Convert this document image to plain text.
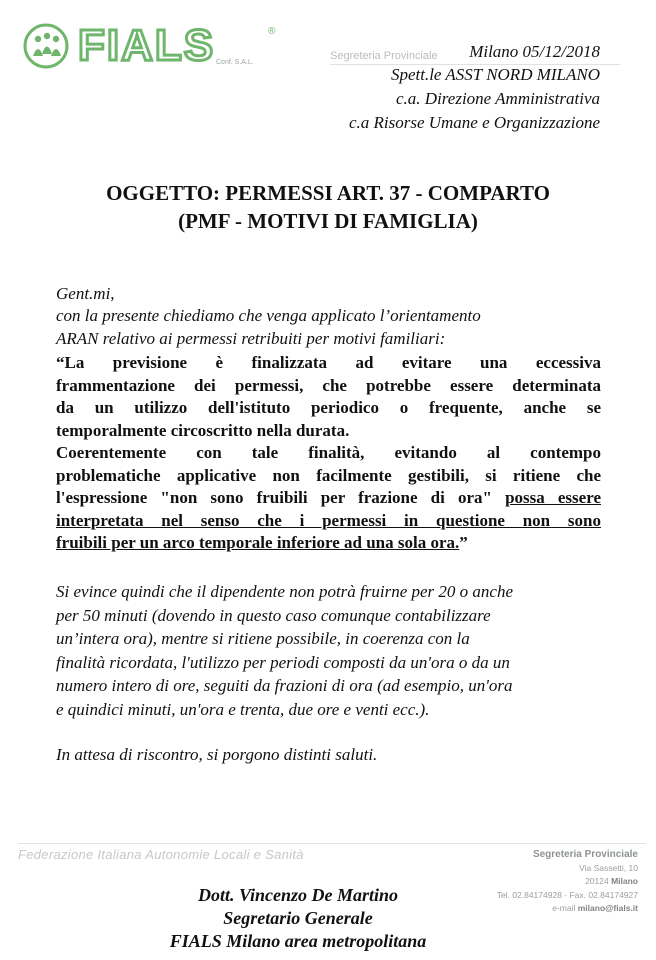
FIALS	®
Conf. S.A.L.
Segreteria Provinciale Milano 05/12/2018
Spett.le ASST NORD MILANO
c.a. Direzione Amministrativa
c.a Risorse Umane e Organizzazione
OGGETTO: PERMESSI ART. 37 - COMPARTO
(PMF - MOTIVI DI FAMIGLIA)
Gent.mi,
con la presente chiediamo che venga applicato l’orientamento
ARAN relativo ai permessi retribuiti per motivi familiari:
“La previsione è finalizzata ad evitare una eccessiva
frammentazione dei permessi, che potrebbe essere determinata
da un utilizzo dell'istituto periodico o frequente, anche se
temporalmente circoscritto nella durata.
Coerentemente con tale finalità, evitando al contempo
problematiche applicative non facilmente gestibili, si ritiene che
l'espressione "non sono fruibili per frazione di ora" possa essere
interpretata nel senso che i permessi in questione non sono
fruibili per un arco temporale inferiore ad una sola ora.”
Si evince quindi che il dipendente non potrà fruirne per 20 o anche
per 50 minuti (dovendo in questo caso comunque contabilizzare
un’intera ora), mentre si ritiene possibile, in coerenza con la
finalità ricordata, l'utilizzo per periodi composti da un'ora o da un
numero intero di ore, seguiti da frazioni di ora (ad esempio, un'ora
e quindici minuti, un'ora e trenta, due ore e venti ecc.).
In attesa di riscontro, si porgono distinti saluti.
Federazione Italiana Autonomie Locali e Sanità	Segreteria Provinciale
Via Sassetti, 10
20124 Milano
Tel. 02.84174928 · Fax. 02.84174927
e-mail milano@fials.it
Dott. Vincenzo De Martino
Segretario Generale
FIALS Milano area metropolitana
